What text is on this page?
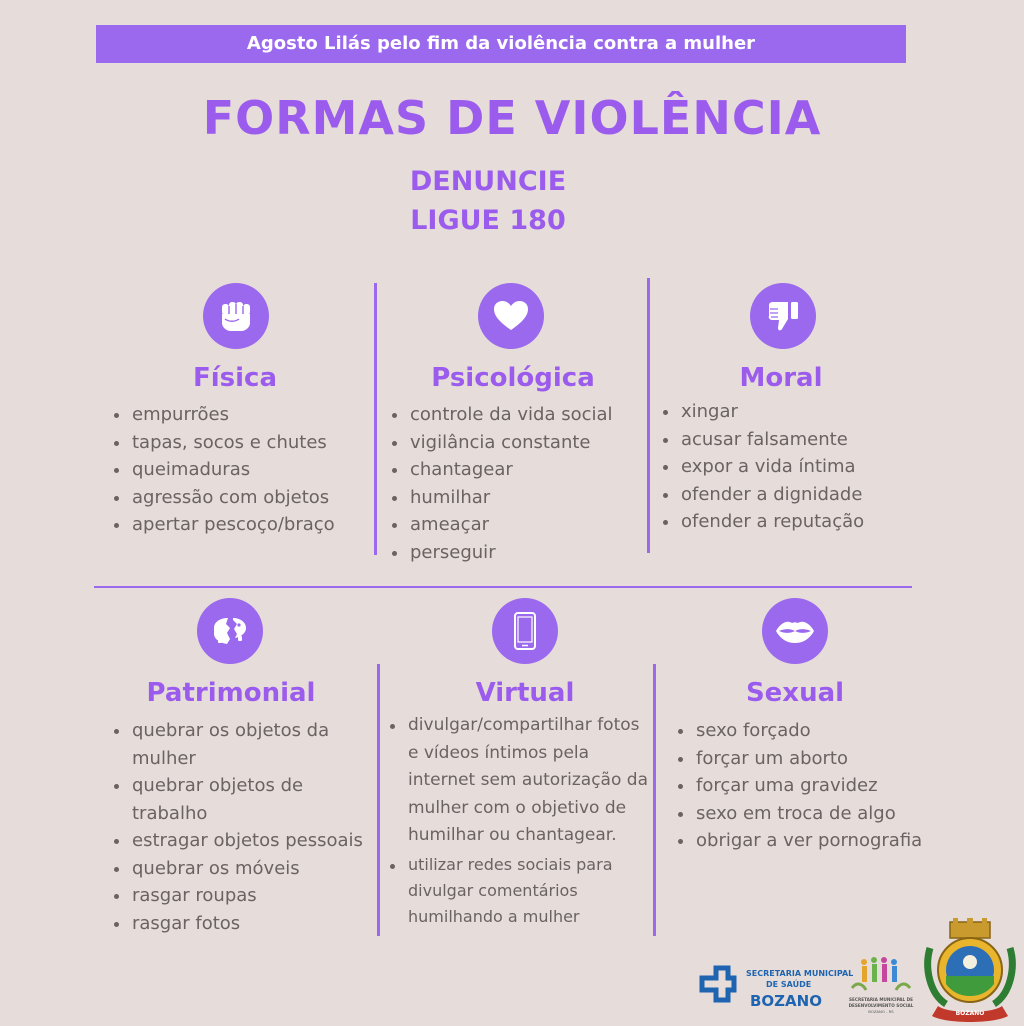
Agosto Lilás pelo fim da violência contra a mulher
FORMAS DE VIOLÊNCIA
DENUNCIE
LIGUE 180
Física	Psicológica	Moral
empurrões
tapas, socos e chutes
queimaduras
agressão com objetos
apertar pescoço/braço
controle da vida social
vigilância constante
chantagear
humilhar
ameaçar
perseguir
xingar
acusar falsamente
expor a vida íntima
ofender a dignidade
ofender a reputação
Patrimonial	Virtual	Sexual
quebrar os objetos da mulher
quebrar objetos de trabalho
estragar objetos pessoais
quebrar os móveis
rasgar roupas
rasgar fotos
divulgar/compartilhar fotos e vídeos íntimos pela internet sem autorização da mulher com o objetivo de humilhar ou chantagear.
utilizar redes sociais para divulgar comentários humilhando a mulher
sexo forçado
forçar um aborto
forçar uma gravidez
sexo em troca de algo
obrigar a ver pornografia
SECRETARIA MUNICIPAL
DE SAÚDE
BOZANO	SECRETARIA MUNICIPAL DE
DESENVOLVIMENTO SOCIAL
BOZANO - RS	BOZANO
